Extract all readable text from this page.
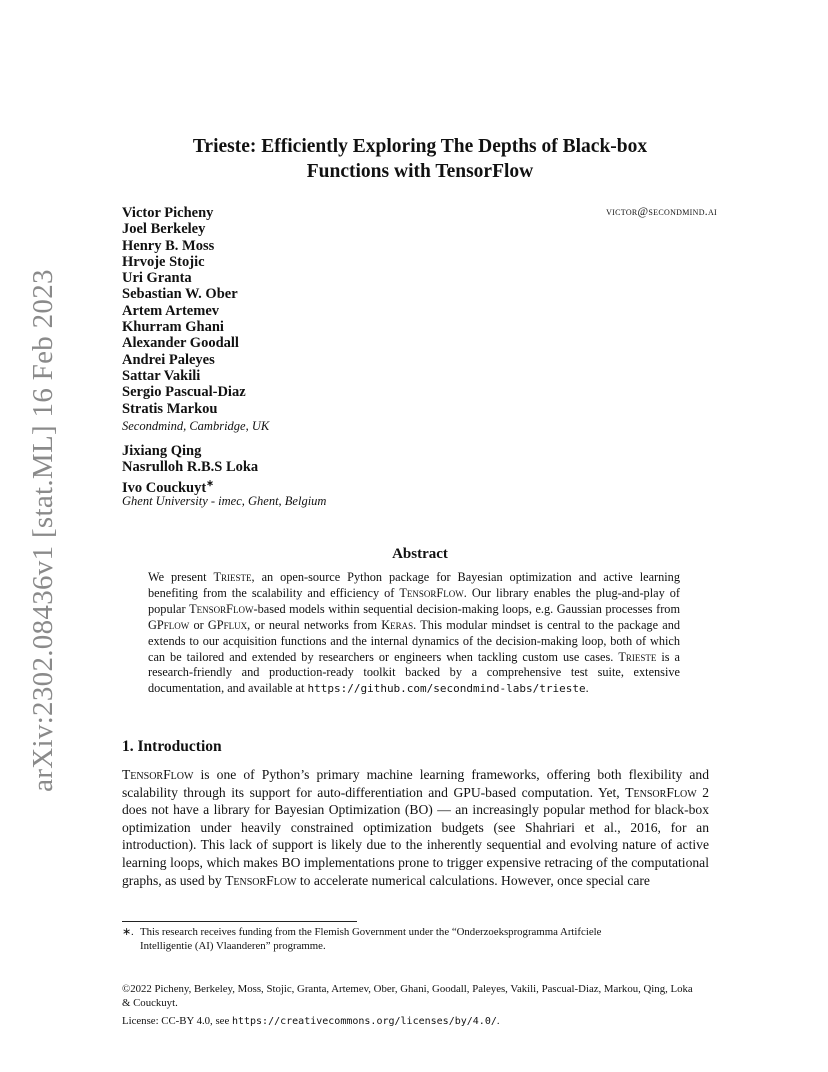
arXiv:2302.08436v1 [stat.ML] 16 Feb 2023
Trieste: Efficiently Exploring The Depths of Black-box
Functions with TensorFlow
victor@secondmind.ai
Victor Picheny
Joel Berkeley
Henry B. Moss
Hrvoje Stojic
Uri Granta
Sebastian W. Ober
Artem Artemev
Khurram Ghani
Alexander Goodall
Andrei Paleyes
Sattar Vakili
Sergio Pascual-Diaz
Stratis Markou
Secondmind, Cambridge, UK
Jixiang Qing
Nasrulloh R.B.S Loka
Ivo Couckuyt∗
Ghent University - imec, Ghent, Belgium
Abstract
We present Trieste, an open-source Python package for Bayesian optimization and active learning benefiting from the scalability and efficiency of TensorFlow. Our library enables the plug-and-play of popular TensorFlow-based models within sequential decision-making loops, e.g. Gaussian processes from GPflow or GPflux, or neural networks from Keras. This modular mindset is central to the package and extends to our acquisition functions and the internal dynamics of the decision-making loop, both of which can be tailored and extended by researchers or engineers when tackling custom use cases. Trieste is a research-friendly and production-ready toolkit backed by a comprehensive test suite, extensive documentation, and available at https://github.com/secondmind-labs/trieste.
1. Introduction
TensorFlow is one of Python’s primary machine learning frameworks, offering both flexibility and scalability through its support for auto-differentiation and GPU-based computation. Yet, TensorFlow 2 does not have a library for Bayesian Optimization (BO) — an increasingly popular method for black-box optimization under heavily constrained optimization budgets (see Shahriari et al., 2016, for an introduction). This lack of support is likely due to the inherently sequential and evolving nature of active learning loops, which makes BO implementations prone to trigger expensive retracing of the computational graphs, as used by TensorFlow to accelerate numerical calculations. However, once special care
∗. This research receives funding from the Flemish Government under the “Onderzoeksprogramma Artifciele
Intelligentie (AI) Vlaanderen” programme.
©2022 Picheny, Berkeley, Moss, Stojic, Granta, Artemev, Ober, Ghani, Goodall, Paleyes, Vakili, Pascual-Diaz, Markou, Qing, Loka & Couckuyt.
License: CC-BY 4.0, see https://creativecommons.org/licenses/by/4.0/.
